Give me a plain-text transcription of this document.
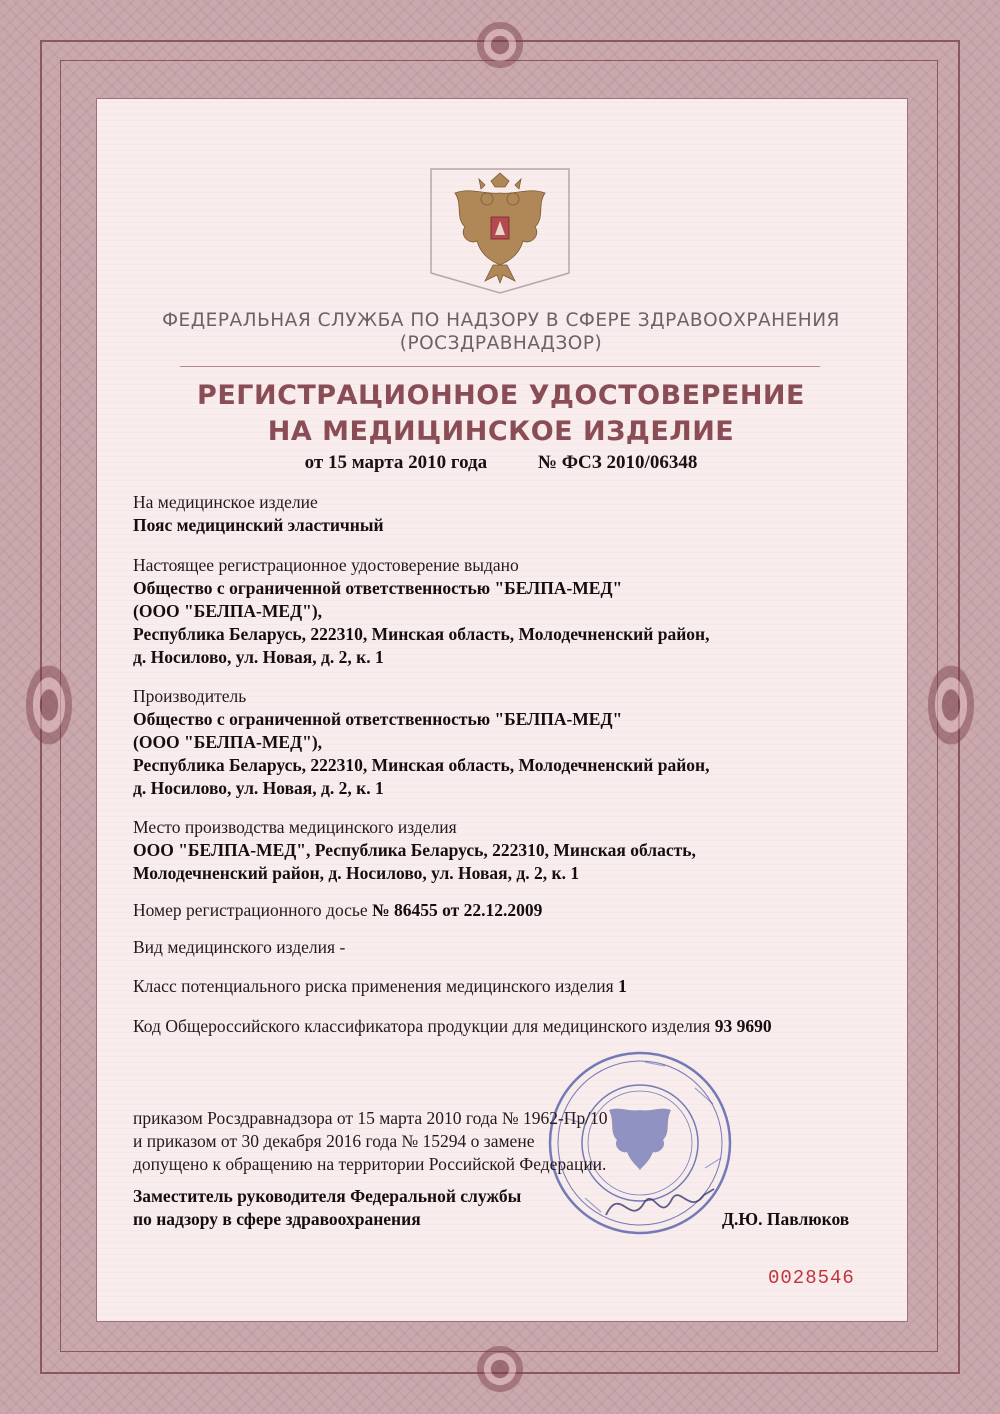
ФЕДЕРАЛЬНАЯ СЛУЖБА ПО НАДЗОРУ В СФЕРЕ ЗДРАВООХРАНЕНИЯ
(РОСЗДРАВНАДЗОР)
РЕГИСТРАЦИОННОЕ УДОСТОВЕРЕНИЕ
НА МЕДИЦИНСКОЕ ИЗДЕЛИЕ
от 15 марта 2010 года	№ ФСЗ 2010/06348
На медицинское изделие
Пояс медицинский эластичный
Настоящее регистрационное удостоверение выдано
Общество с ограниченной ответственностью "БЕЛПА-МЕД"
(ООО "БЕЛПА-МЕД"),
Республика Беларусь, 222310, Минская область, Молодечненский район,
д. Носилово, ул. Новая, д. 2, к. 1
Производитель
Общество с ограниченной ответственностью "БЕЛПА-МЕД"
(ООО "БЕЛПА-МЕД"),
Республика Беларусь, 222310, Минская область, Молодечненский район,
д. Носилово, ул. Новая, д. 2, к. 1
Место производства медицинского изделия
ООО "БЕЛПА-МЕД", Республика Беларусь, 222310, Минская область,
Молодечненский район, д. Носилово, ул. Новая, д. 2, к. 1
Номер регистрационного досье № 86455 от 22.12.2009
Вид медицинского изделия -
Класс потенциального риска применения медицинского изделия 1
Код Общероссийского классификатора продукции для медицинского изделия 93 9690
приказом Росздравнадзора от 15 марта 2010 года № 1962-Пр/10
и приказом от 30 декабря 2016 года № 15294 о замене
допущено к обращению на территории Российской Федерации.
Заместитель руководителя Федеральной службы
по надзору в сфере здравоохранения	Д.Ю. Павлюков
0028546
